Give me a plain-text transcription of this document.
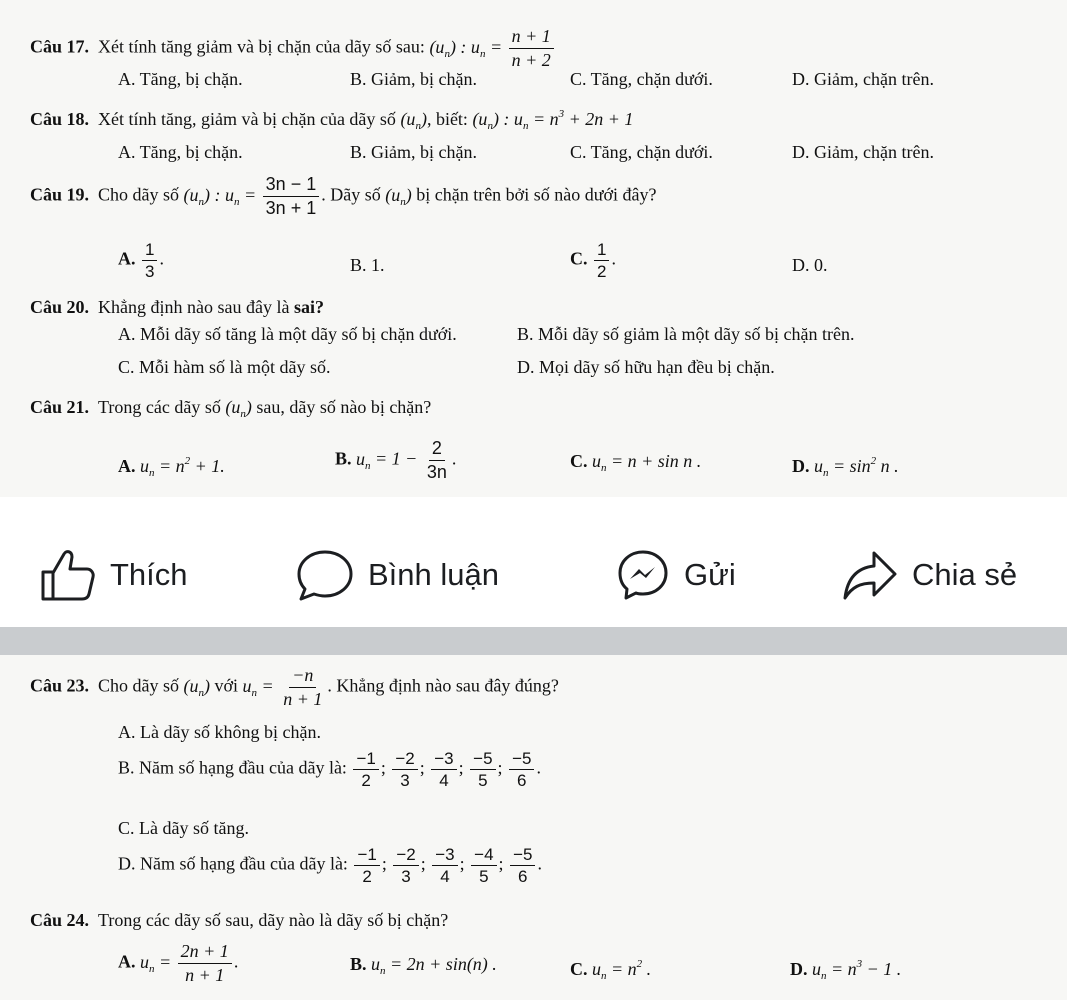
Câu 17. Xét tính tăng giảm và bị chặn của dãy số sau: $(u_n)$ : $u_n = \frac{n + 1}{n + 2}$
A. Tăng, bị chặn.	B. Giảm, bị chặn.	C. Tăng, chặn dưới.	D. Giảm, chặn trên.
Câu 18. Xét tính tăng, giảm và bị chặn của dãy số $(u_n)$, biết: $(u_n)$ : $u_n = n^3 + 2n + 1$
A. Tăng, bị chặn.	B. Giảm, bị chặn.	C. Tăng, chặn dưới.	D. Giảm, chặn trên.
Câu 19. Cho dãy số $(u_n)$ : $u_n = \frac{3n - 1}{3n + 1}$ . Dãy số $(u_n)$ bị chặn trên bởi số nào dưới đây?
A. $\frac{1}{3}$ .	B. 1.	C. $\frac{1}{2}$ .	D. 0.
Câu 20. Khẳng định nào sau đây là sai?
A. Mỗi dãy số tăng là một dãy số bị chặn dưới.	B. Mỗi dãy số giảm là một dãy số bị chặn trên.
C. Mỗi hàm số là một dãy số.	D. Mọi dãy số hữu hạn đều bị chặn.
Câu 21. Trong các dãy số $(u_n)$ sau, dãy số nào bị chặn?
A. $u_n = n^2 + 1$.	B. $u_n = 1 - \frac{2}{3n}$ .	C. $u_n = n + \sin n$ .	D. $u_n = \sin^2 n$ .
Thích	Bình luận	Gửi	Chia sẻ
Câu 23. Cho dãy số $(u_n)$ với $u_n = \frac{-n}{n + 1}$ . Khẳng định nào sau đây đúng?
A. Là dãy số không bị chặn.
B. Năm số hạng đầu của dãy là: $\frac{-1}{2}$ ; $\frac{-2}{3}$ ; $\frac{-3}{4}$ ; $\frac{-5}{5}$ ; $\frac{-5}{6}$ .
C. Là dãy số tăng.
D. Năm số hạng đầu của dãy là: $\frac{-1}{2}$ ; $\frac{-2}{3}$ ; $\frac{-3}{4}$ ; $\frac{-4}{5}$ ; $\frac{-5}{6}$ .
Câu 24. Trong các dãy số sau, dãy nào là dãy số bị chặn?
A. $u_n = \frac{2n + 1}{n + 1}$ .	B. $u_n = 2n + \sin(n)$ .	C. $u_n = n^2$ .	D. $u_n = n^3 - 1$ .
